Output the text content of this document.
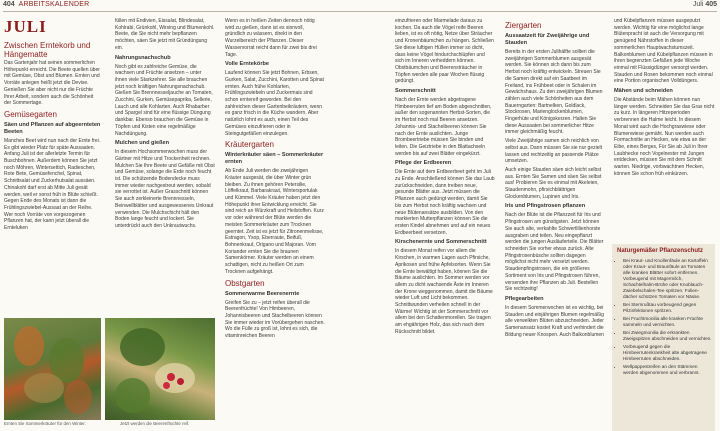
404 ARBEITSKALENDER	Juli 405
JULI
Zwischen Erntekorb und Hängematte

Das Gartenjahr hat seinen sommerlichen Höhepunkt erreicht. Die Beete quellen über mit Gemüse, Obst und Blumen. Ernten und Vorräte anlegen heißt jetzt die Devise. Genießen Sie aber nicht nur die Früchte Ihrer Arbeit, sondern auch die Schönheit der Sommertage.

Gemüsegarten
Säen und Pflanzen auf abgeernteten Beeten

Manches Beet wird nun nach der Ernte frei. Es gibt wieder Platz für späte Aussaaten. Anfang Juli ist der allerletzte Termin für Buschbohnen. Außerdem können Sie jetzt noch Möhren, Wintersettich, Radieschen, Rote Bete, Gemüsefenchel, Spinat, Schnittsalat und Zuckerhutsalat aussäen. Chinakohl darf erst ab Mitte Juli gesät werden, weil er sonst früh in Blüte schießt. Gegen Ende des Monats ist dann die Frühlingszwiebel-Aussaat an der Reihe. Wer noch Vorräte von vorgezogenen Pflanzen hat, der kann jetzt überall die Ernteluken

füllen mit Endivien, Eissalat, Blindesalat, Kohlrabi, Grünkohl, Wirsing und Blumenkohl. Beete, die Sie nicht mehr bepflanzen möchten, säen Sie jetzt mit Gründüngung ein.

Nahrungsnachschub

Noch gibt es zahlreiche Gemüse, die wachsen und Früchte ansetzen – unter ihnen viele Starkzehrer. Sie alle brauchen jetzt noch kräftigen Nahrungsnachschub. Gießen Sie Brennnesseljauche an Tomaten, Zucchini, Gurken, Gemüsepaprika, Sellerie, Lauch und alle Kohlarten. Auch Rhabarber und Spargel sind für eine flüssige Düngung dankbar. Ebenso brauchen die Gemüse in Töpfen und Kisten eine regelmäßige Nachdüngung.

Mulchen und gießen

In diesem Hochsommerwochen muss der Gärtner mit Hitze und Trockenheit rechnen. Mulchen Sie Ihre Beete und Gefäße mit Obst und Gemüse, solange die Erde noch feucht ist. Die schützende Bodendecke muss immer wieder nachgestreut werden, sobald sie verrottet ist. Außer Grasschnitt können Sie auch zerkleinerte Brennnesseln, Beinwellblätter und ausgewessenes Unkraut verwenden. Die Mulchschicht hält den Boden lange feucht und lockert. Sie unterdrückt auch den Unkrautwuchs.

Ernten Sie Sommerkräuter für den Winter.	Jetzt werden die Beerenfrüchte reif.

Wenn es in heißen Zeiten dennoch nötig wird zu gießen, dann ist es sinnvoll, gründlich zu wässern, direkt in den Wurzelbereich der Pflanzen. Dieser Wasservorrat reicht dann für zwei bis drei Tage.

Volle Erntekörbe

Laufend können Sie jetzt Bohnen, Erbsen, Gurken, Salat, Zucchini, Karotten und Spinat ernten. Auch frühe Kohlarten, Frühlingszwiebeln und Zuckermais sind schon erntereif geworden. Bei den zahlreichen dieser Gartenbeikräutern, wenn es ganz frisch in die Küche wandern. Aber natürlich lohnt es auch, einen Teil des Gemüses einzufrieren oder in Steingutgefäßen einzulegen.

Kräutergarten
Winterkräuter säen – Sommerkräuter ernten

Ab Ende Juli werden die zweijährigen Kräuter ausgesät, die über Winter grün bleiben. Zu ihnen gehören Petersilie, Löffelkraut, Barbarakraut, Wintersportulak und Kümmel. Viele Kräuter haben jetzt den Höhepunkt ihrer Entwicklung erreicht. Sie sind reich an Würzkraft und Heilstoffen. Kurz vor oder während der Blüte werden die meisten Sommerkräuter zum Trocknen geerntet. Zeit ist es jetzt für Zitronenmelisse, Estragon, Ysop, Eberraute, Beifuß, Bohnenkraut, Origano und Majoran. Vom Koriander ernten Sie die braunen Samenkörner. Kräuter werden an einem schattigen, nicht zu heißen Ort zum Trocknen aufgehängt.

Obstgarten
Sommerwarme Beerenernte

Greifen Sie zu – jetzt reifen überall die Beerenfrüchte! Von Himbeeren, Johannisbeeren und Stachelbeeren können Sie immer wieder im Vorübergehen naschen. Wo die Fülle zu groß ist, lohnt es sich, die vitaminreichen Beeren

einzufrieren oder Marmelade daraus zu kochen. Da auch die Vögel reife Beeren lieben, ist es oft nötig, Netze über Sträucher und Kronenbäumchen zu hängen. Schließen Sie diese luftigen Hüllen immer so dicht, dass keine Vögel hindurchschlüpfen und sich im Inneren verheddern können. Obstbäumchen und Beerensträucher in Töpfen werden alle paar Wochen flüssig gedüngt.

Sommerschnitt

Nach der Ernte werden abgetragene Himbeerruten tief am Boden abgeschnitten, außer den sogenannten Herbst-Sorten, die im Herbst noch mal Beeren ansetzen. Johannis- und Stachelbeeren können Sie nach der Ernte auslichten. Junge Brombeertriebe müssen Sie binden und leiten. Die Geiztriebe in den Blattachseln werden bis auf zwei Blätter eingekürzt.

Pflege der Erdbeeren

Die Ernte auf dem Erdbeerbeet geht im Juli zu Ende. Anschließend können Sie das Laub zurückschneiden, dann treiben neue, gesunde Blätter aus. Jetzt müssen die Pflanzen auch gedüngt werden, damit Sie bis zum Herbst noch kräftig wachsen und neue Blütenansätze ausbilden. Von den markierten Mutterpflanzen können Sie die ersten Kindel abnehmen und auf ein neues Erdbeerbeet versetzen.

Kirschenernte und Sommerschnitt

In diesem Monat reifen vor allem die Kirschen, in warmen Lagen auch Pfirsiche, Aprikosen und frühe Apfelsorten. Wenn Sie die Ernte bewältigt haben, können Sie die Bäume auslichten. Im Sommer werden vor allem zu dicht wachsende Äste im Inneren der Krone weggenommen, damit die Bäume wieder Luft und Licht bekommen. Schnittwunden verheilen schnell in der Wärme! Wichtig ist der Sommerschnitt vor allem bei den Schattenmorellen. Sie tragen am ehgährigen Holz, das sich nach dem Rückschnitt bildet.

Ziergarten
Aussaatzeit für Zweijährige und Stauden

Bereits in der ersten Julihälfte sollten die zweijährigen Sommerblumen ausgesät werden. Sie können sich dann bis zum Herbst noch kräftig entwickeln. Streuen Sie die Samen direkt auf ein Saatbeet im Freiland, ins Frühbeet oder in Schalen im Gewächshaus. Zu den zweijährigen Blumen zählen auch viele Schönheiten aus dem Bauerngarten: Bartnelken, Goldlack, Stockrosen, Marienglockenblumen, Fingerhüte und Königskerzen. Halten Sie diese Aussaaten bei sommerlicher Hitze immer gleichmäßig feucht.

Viele Zweijährige samen sich reichlich von selbst aus. Dann müssen Sie sie nur gezielt lassen und rechtzeitig an passende Plätze umsetzen.

Auch einige Stauden säen sich leicht selbst aus. Ernten Sie Samen und säen Sie selbst aus! Probieren Sie es einmal mit Akeleien, Staudenmohn, pfirsichblättrigen Glockenblumen, Lupinen und Iris.

Iris und Pfingstrosen pflanzen

Nach der Blüte ist die Pflanzzeit für Iris und Pfingstrosen am günstigsten. Jetzt können Sie auch alte, verkahlte Schwertlilienhorste ausgraben und teilen. Neu eingepflanzt werden die jungen Ausläuferteile. Die Blätter schneiden Sie vorher etwas zurück. Alte Pfingstrosenbüsche sollten dagegen möglichst nicht mehr versetzt werden. Staudenpfingstrosen, die ein größeres Sortiment von Iris und Pfingstrosen führen, versenden ihre Pflanzen ab Juli. Bestellen Sie rechtzeitig!

Pflegearbeiten

In diesem Sommerwochen ist es wichtig, bei Stauden und einjährigen Blumen regelmäßig alle verwelkten Blüten abzuschneiden. Jeder Samenansatz kostet Kraft und verhindert die Bildung neuer Knospen. Auch Balkonblumen

und Kübelpflanzen müssen ausgeputzt werden. Wichtig für eine möglichst lange Blütenpracht ist auch die Versorgung mit genügend Nährstoffen in dieser sommerlichen Hauptwachstumszeit. Balkonblumen und Kübelpflanzen müssen in ihren begrenzten Gefäßen jede Woche einmal mit Flüssigdünger versorgt werden. Stauden und Rosen bekommen noch einmal eine Portion organischen Volldüngers.

Mähen und schneiden

Die Abstände beim Mähen können nun länger werden. Schneiden Sie das Gras nicht zu kurz. In längeren Hitzeperioden verbrennen die Halme leicht. In diesem Monat wird auch die Hochgraswiese oder Blumenwiese gemäht. Nun werden auch Formschnitte an Hecken, wie etwa an der Eibe, eines Berges, Für Sie ab Juli in Ihrer Laubhecke noch Vogelnester mit Jungen entdecken, müssen Sie mit dem Schnitt warten. Niedrige, vorbwachtnen Hecken, können Sie schon früh einkürzen.

Naturgemäßer Pflanzenschutz
• Bei Kraut- und Knollenfäule an Kartoffeln oder Kraut- und Braunfäule an Tomaten alle kranken Blätter sofort entfernen. Vorbeugend mit Magermilch, Schachtelhalm-Brühe oder Knoblauch-Zwiebelschalen-Tee spritzen. Folien-dächer schützen Tomaten vor Nässe.
• Bei Sternrußtau vorbeugend gegen Pilzinfektionen spritzen.
• Bei Fruchtmonilia alle kranken Früchte sammeln und vernichten.
• Bei Zwiegmonilia die erkrankten Zweigspitzen abschneiden und vernichten.
• Vorbeugend gegen die Himbeerrutenkrankheit alte abgetragene Himbeerruten abschneiden.
• Wellpappestreifen an den Stämmen werden abgenommen und verbrannt.
